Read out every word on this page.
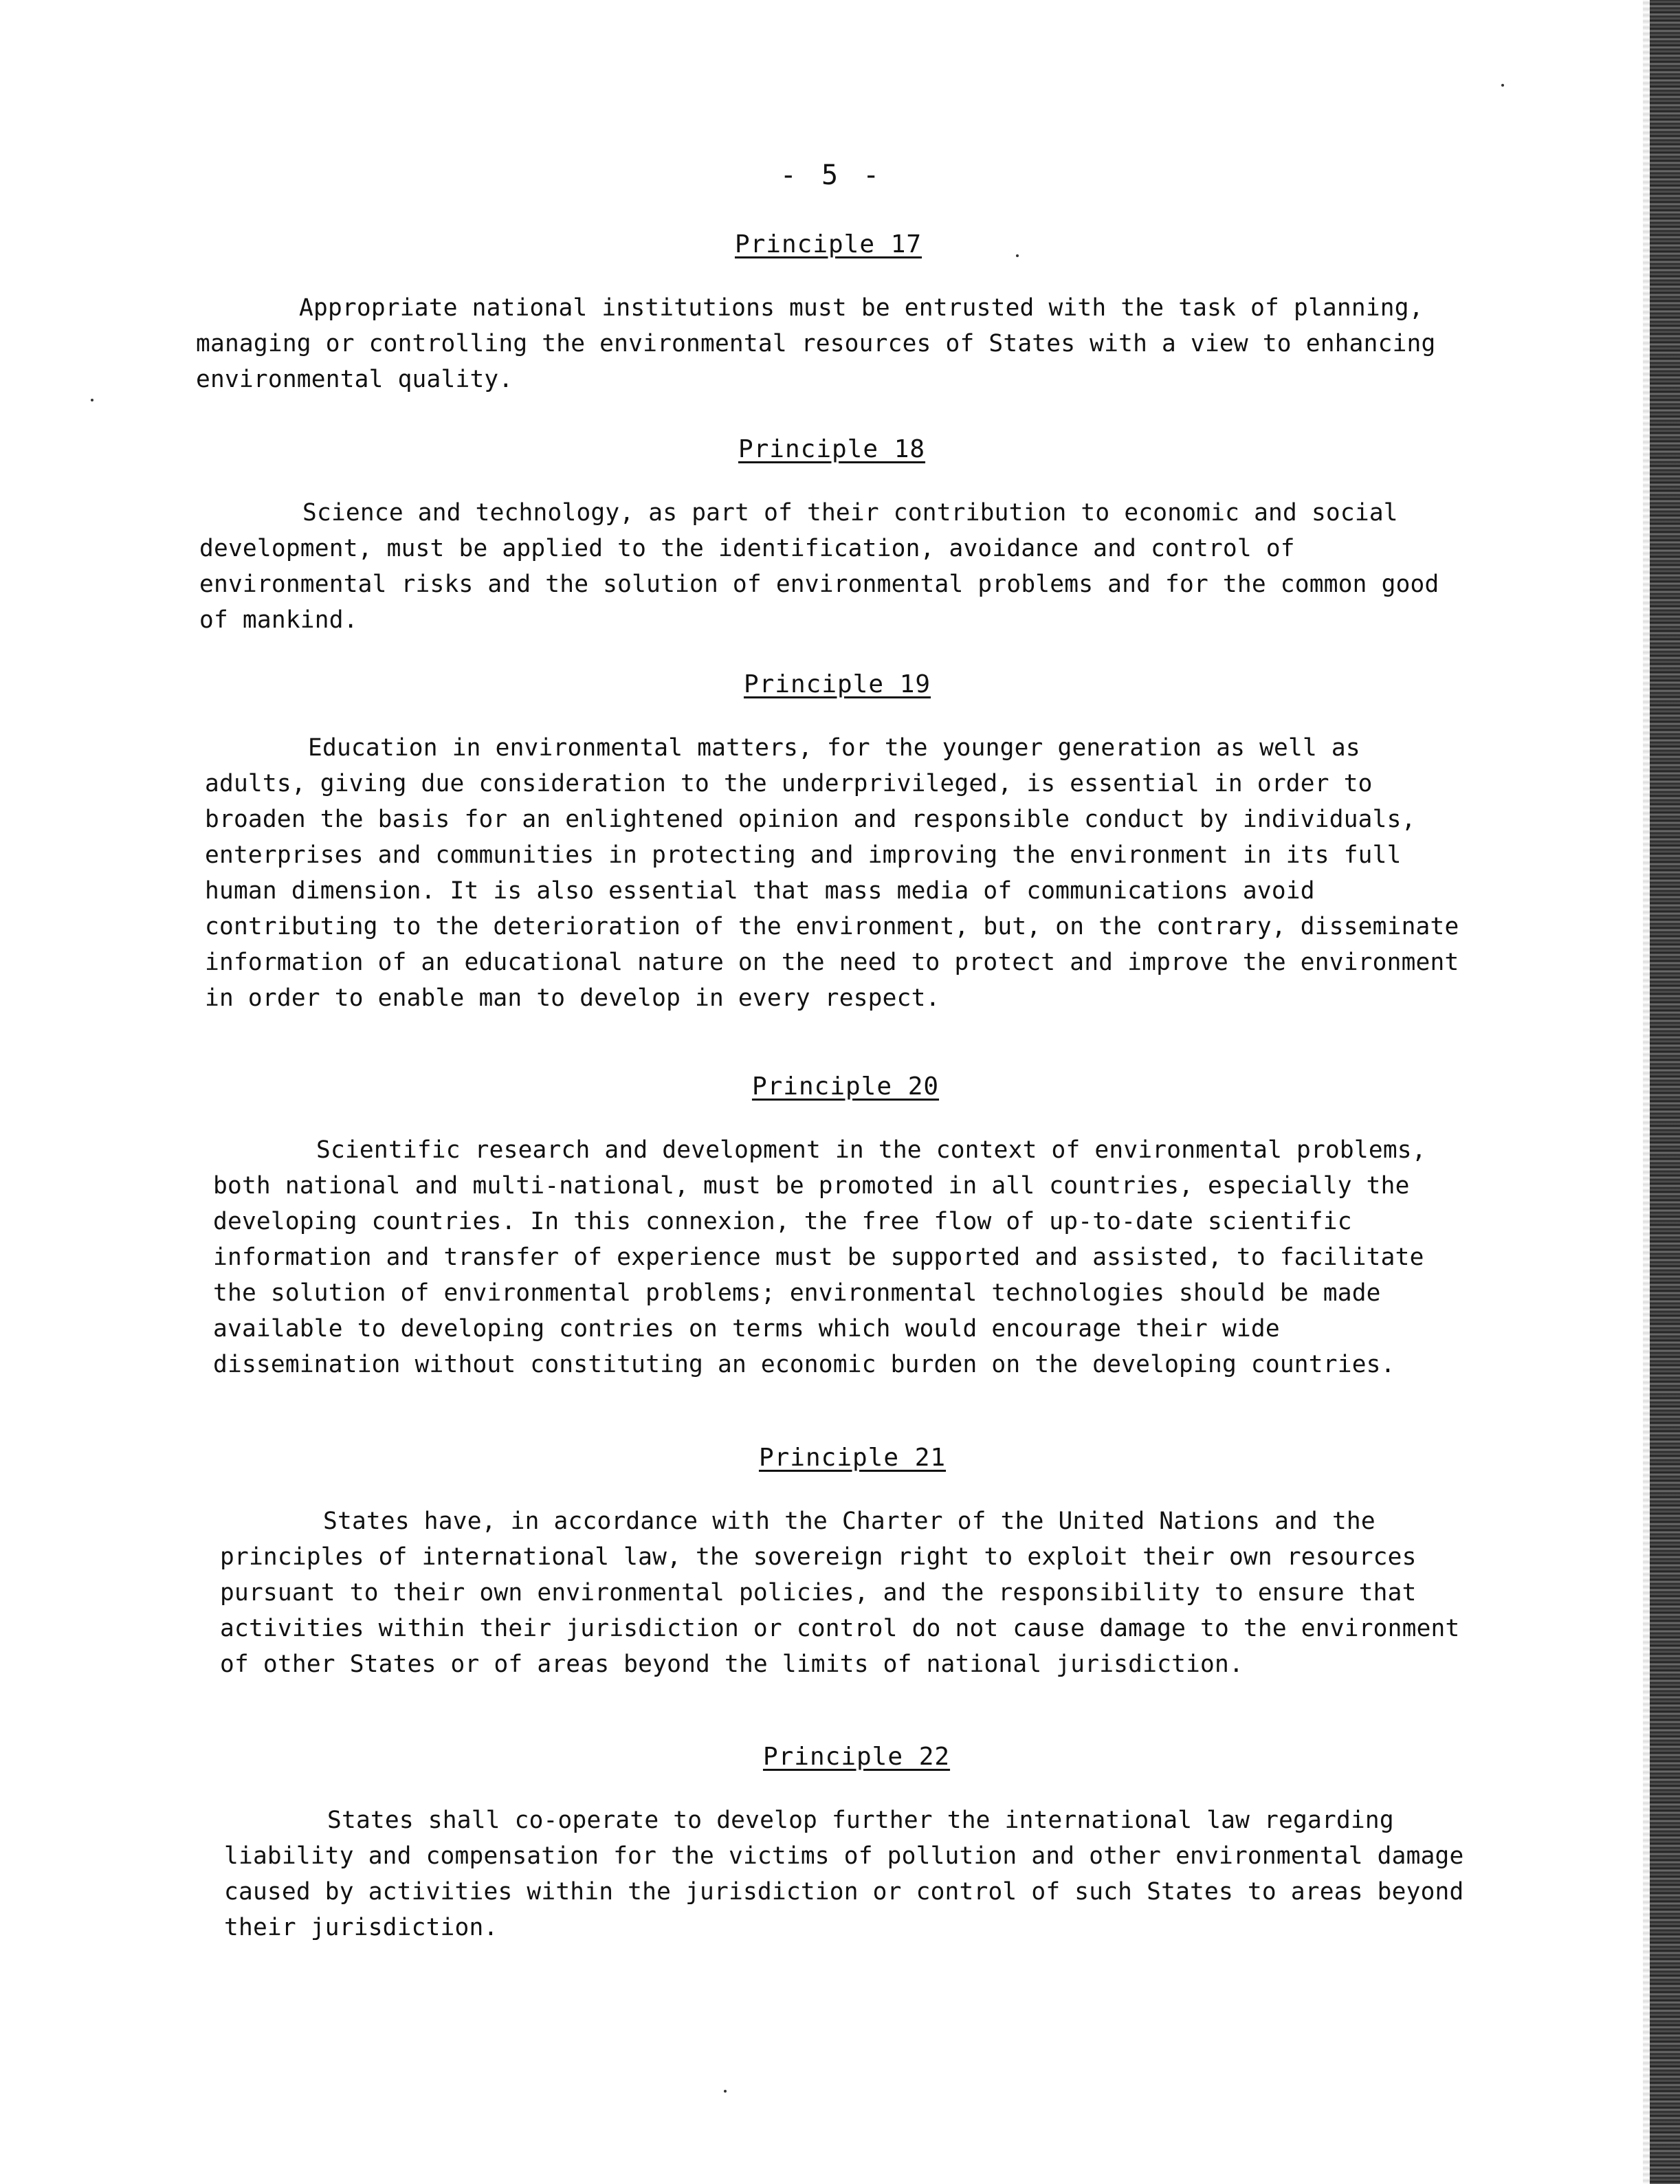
- 5 -
Principle 17

Appropriate national institutions must be entrusted with the task of planning, managing or controlling the environmental resources of States with a view to enhancing environmental quality.

Principle 18

Science and technology, as part of their contribution to economic and social development, must be applied to the identification, avoidance and control of environmental risks and the solution of environmental problems and for the common good of mankind.

Principle 19

Education in environmental matters, for the younger generation as well as adults, giving due consideration to the underprivileged, is essential in order to broaden the basis for an enlightened opinion and responsible conduct by individuals, enterprises and communities in protecting and improving the environment in its full human dimension. It is also essential that mass media of communications avoid contributing to the deterioration of the environment, but, on the contrary, disseminate information of an educational nature on the need to protect and improve the environment in order to enable man to develop in every respect.

Principle 20

Scientific research and development in the context of environmental problems, both national and multi-national, must be promoted in all countries, especially the developing countries. In this connexion, the free flow of up-to-date scientific information and transfer of experience must be supported and assisted, to facilitate the solution of environmental problems; environmental technologies should be made available to developing contries on terms which would encourage their wide dissemination without constituting an economic burden on the developing countries.

Principle 21

States have, in accordance with the Charter of the United Nations and the principles of international law, the sovereign right to exploit their own resources pursuant to their own environmental policies, and the responsibility to ensure that activities within their jurisdiction or control do not cause damage to the environment of other States or of areas beyond the limits of national jurisdiction.

Principle 22

States shall co-operate to develop further the international law regarding liability and compensation for the victims of pollution and other environmental damage caused by activities within the jurisdiction or control of such States to areas beyond their jurisdiction.
